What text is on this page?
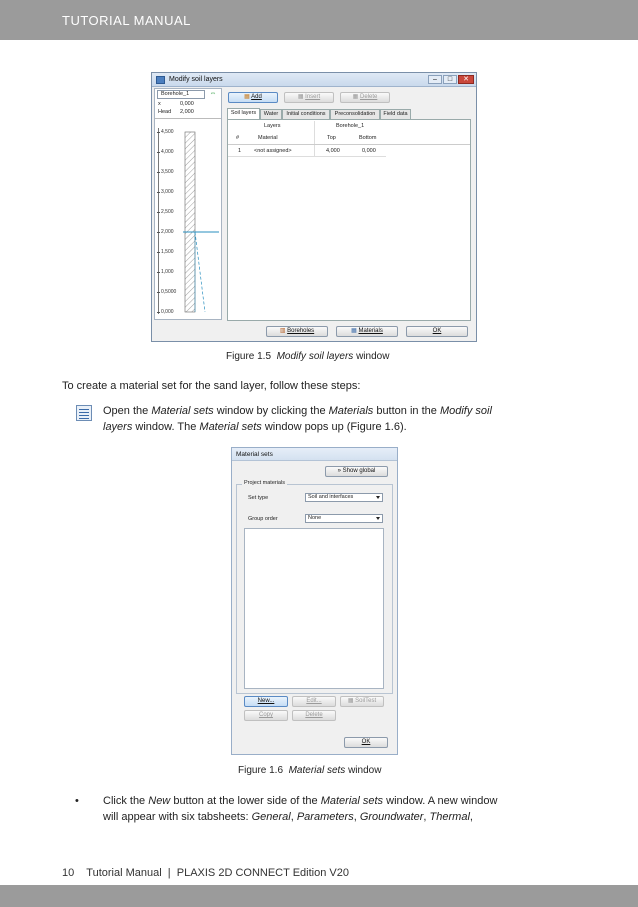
TUTORIAL MANUAL
Modify soil layers	–	□	✕
Borehole_1	⇔
x	0,000
Head 2,000
4,500
4,000
3,500
3,000
2,500
2,000
1,500
1,000
0,5000
0,000
▦ Add	▦ Insert	▦ Delete
Soil layers	Water	Initial conditions	Preconsolidation	Field data
Layers	Borehole_1
#	Material	Top	Bottom
1 <not assigned>	4,000	0,000
▥ Boreholes	▦ Materials	OK
Figure 1.5 Modify soil layers window
To create a material set for the sand layer, follow these steps:
Open the Material sets window by clicking the Materials button in the Modify soil
layers window. The Material sets window pops up (Figure 1.6).
Material sets
» Show global
Project materials
Set type	Soil and interfaces
Group order	None
New...	Edit...	▦ SoilTest
Copy	Delete
OK
Figure 1.6 Material sets window
• Click the New button at the lower side of the Material sets window. A new window
will appear with six tabsheets: General, Parameters, Groundwater, Thermal,
10    Tutorial Manual  |  PLAXIS 2D CONNECT Edition V20
